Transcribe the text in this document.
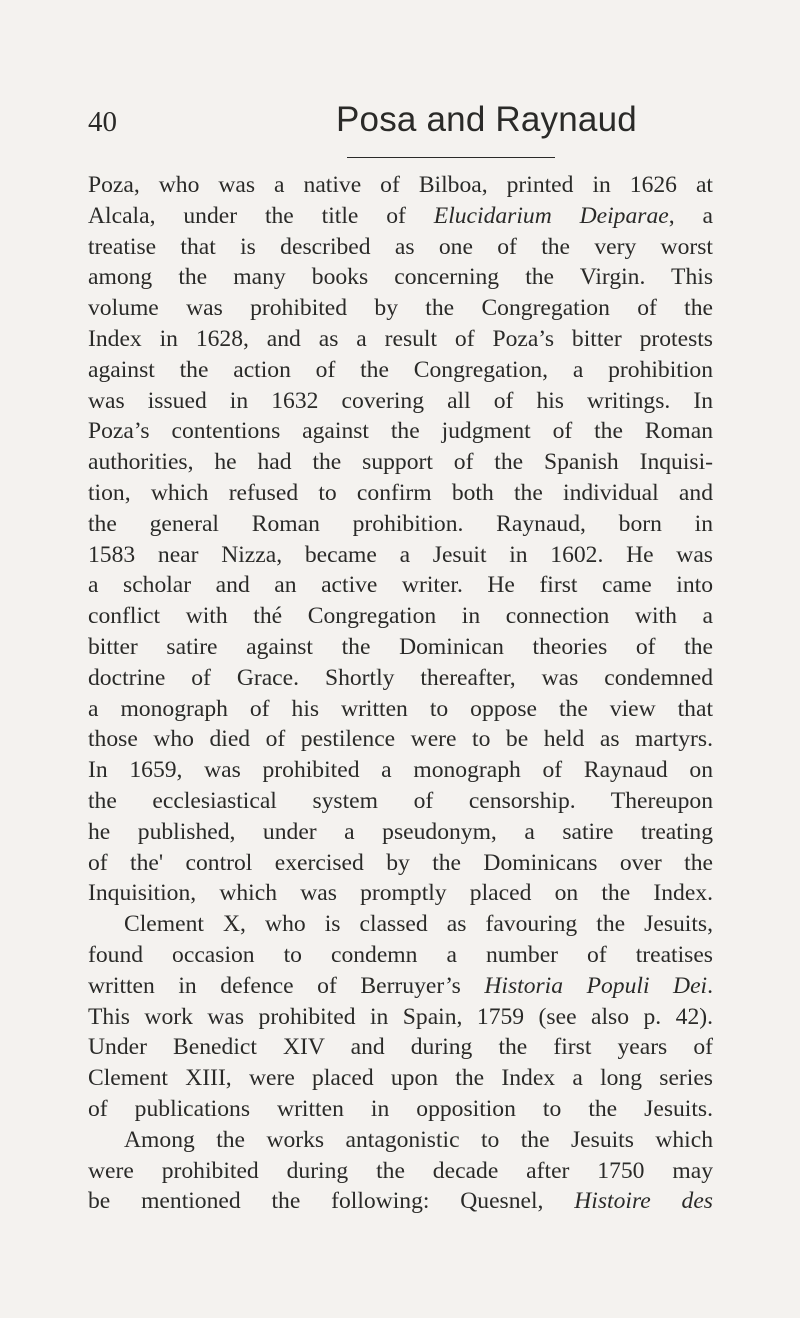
40	Posa and Raynaud
Poza, who was a native of Bilboa, printed in 1626 at
Alcala, under the title of Elucidarium Deiparae, a
treatise that is described as one of the very worst
among the many books concerning the Virgin. This
volume was prohibited by the Congregation of the
Index in 1628, and as a result of Poza’s bitter protests
against the action of the Congregation, a prohibition
was issued in 1632 covering all of his writings. In
Poza’s contentions against the judgment of the Roman
authorities, he had the support of the Spanish Inquisi-
tion, which refused to confirm both the individual and
the general Roman prohibition. Raynaud, born in
1583 near Nizza, became a Jesuit in 1602. He was
a scholar and an active writer. He first came into
conflict with thé Congregation in connection with a
bitter satire against the Dominican theories of the
doctrine of Grace. Shortly thereafter, was condemned
a monograph of his written to oppose the view that
those who died of pestilence were to be held as martyrs.
In 1659, was prohibited a monograph of Raynaud on
the ecclesiastical system of censorship. Thereupon
he published, under a pseudonym, a satire treating
of the' control exercised by the Dominicans over the
Inquisition, which was promptly placed on the Index.
Clement X, who is classed as favouring the Jesuits,
found occasion to condemn a number of treatises
written in defence of Berruyer’s Historia Populi Dei.
This work was prohibited in Spain, 1759 (see also p. 42).
Under Benedict XIV and during the first years of
Clement XIII, were placed upon the Index a long series
of publications written in opposition to the Jesuits.
Among the works antagonistic to the Jesuits which
were prohibited during the decade after 1750 may
be mentioned the following: Quesnel, Histoire des
